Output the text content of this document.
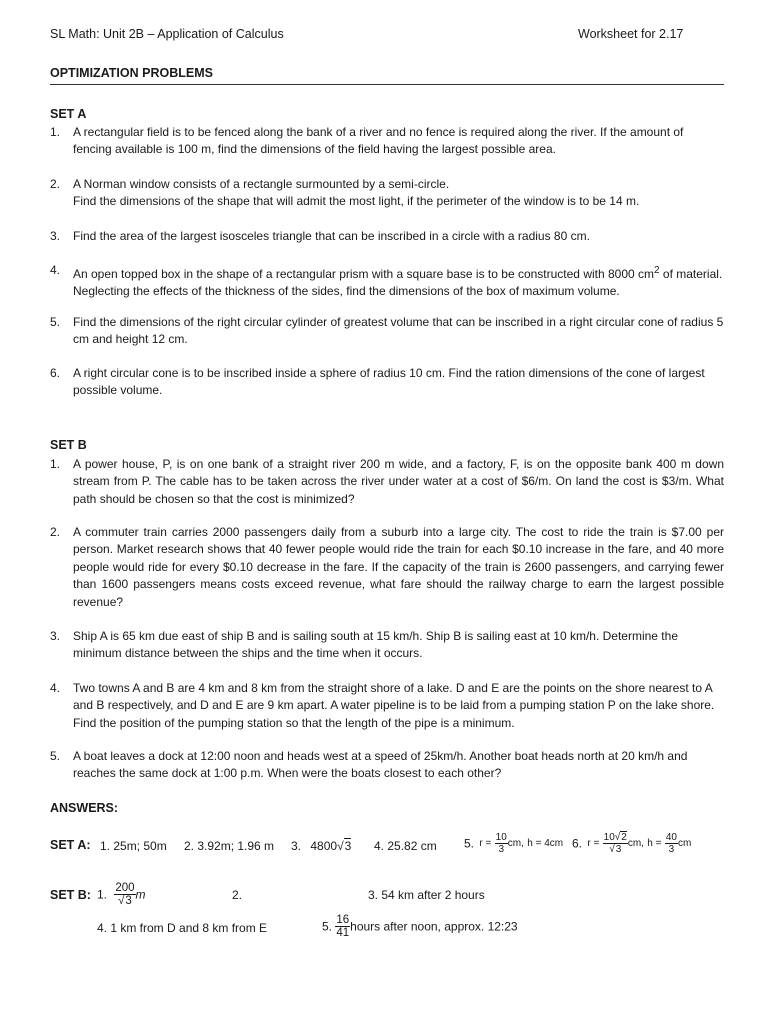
SL Math: Unit 2B – Application of Calculus	Worksheet for 2.17
OPTIMIZATION PROBLEMS
SET A
1. A rectangular field is to be fenced along the bank of a river and no fence is required along the river. If the amount of fencing available is 100 m, find the dimensions of the field having the largest possible area.
2. A Norman window consists of a rectangle surmounted by a semi-circle.
Find the dimensions of the shape that will admit the most light, if the perimeter of the window is to be 14 m.
3. Find the area of the largest isosceles triangle that can be inscribed in a circle with a radius 80 cm.
4. An open topped box in the shape of a rectangular prism with a square base is to be constructed with 8000 $cm^2$ of material. Neglecting the effects of the thickness of the sides, find the dimensions of the box of maximum volume.
5. Find the dimensions of the right circular cylinder of greatest volume that can be inscribed in a right circular cone of radius 5 cm and height 12 cm.
6. A right circular cone is to be inscribed inside a sphere of radius 10 cm. Find the ration dimensions of the cone of largest possible volume.
SET B
1. A power house, P, is on one bank of a straight river 200 m wide, and a factory, F, is on the opposite bank 400 m down stream from P. The cable has to be taken across the river under water at a cost of $6/m. On land the cost is $3/m. What path should be chosen so that the cost is minimized?
2. A commuter train carries 2000 passengers daily from a suburb into a large city. The cost to ride the train is $7.00 per person. Market research shows that 40 fewer people would ride the train for each $0.10 increase in the fare, and 40 more people would ride for every $0.10 decrease in the fare. If the capacity of the train is 2600 passengers, and carrying fewer than 1600 passengers means costs exceed revenue, what fare should the railway charge to earn the largest possible revenue?
3. Ship A is 65 km due east of ship B and is sailing south at 15 km/h. Ship B is sailing east at 10 km/h. Determine the minimum distance between the ships and the time when it occurs.
4. Two towns A and B are 4 km and 8 km from the straight shore of a lake. D and E are the points on the shore nearest to A and B respectively, and D and E are 9 km apart. A water pipeline is to be laid from a pumping station P on the lake shore. Find the position of the pumping station so that the length of the pipe is a minimum.
5. A boat leaves a dock at 12:00 noon and heads west at a speed of 25km/h. Another boat heads north at 20 km/h and reaches the same dock at 1:00 p.m. When were the boats closest to each other?
ANSWERS:
SET A: 1. 25m; 50m 2. 3.92m; 1.96 m 3. 4800√3 4. 25.82 cm 5. $r = \frac{10}{3}$ cm, h = 4cm 6. $r = \frac{10√2}{√3}$ cm, $h = \frac{40}{3}$ cm
SET B: 1. $\frac{200}{√3}$ m	2.	3. 54 km after 2 hours
4. 1 km from D and 8 km from E	5. $\frac{16}{41}$ hours after noon, approx. 12:23
